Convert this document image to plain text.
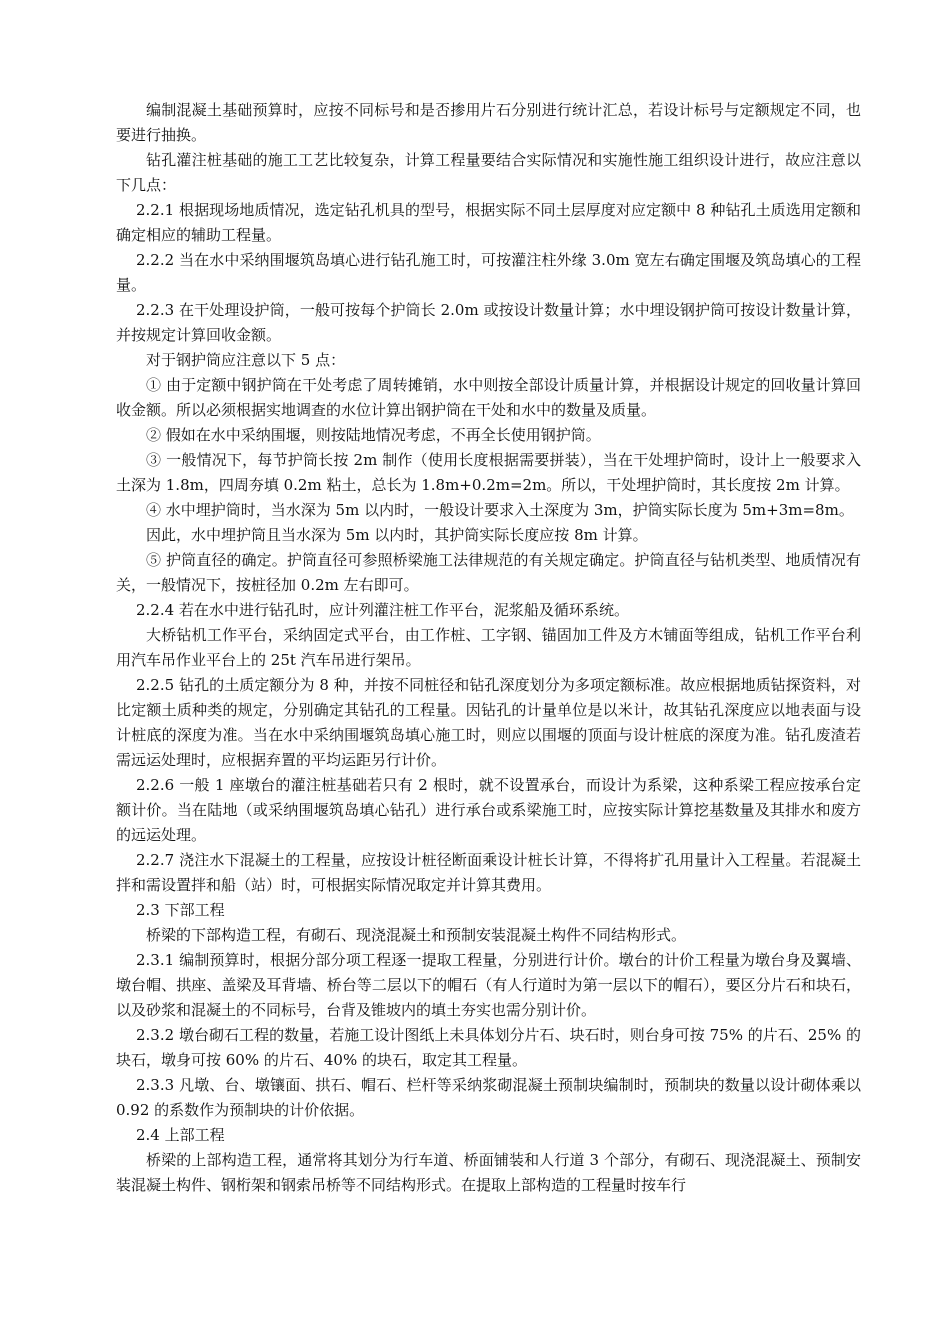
编制混凝土基础预算时，应按不同标号和是否掺用片石分别进行统计汇总，若设计标号与定额规定不同，也要进行抽换。

钻孔灌注桩基础的施工工艺比较复杂，计算工程量要结合实际情况和实施性施工组织设计进行，故应注意以下几点：

2.2.1 根据现场地质情况，选定钻孔机具的型号，根据实际不同土层厚度对应定额中 8 种钻孔土质选用定额和确定相应的辅助工程量。

2.2.2 当在水中采纳围堰筑岛填心进行钻孔施工时，可按灌注柱外缘 3.0m 宽左右确定围堰及筑岛填心的工程量。

2.2.3 在干处理设护筒，一般可按每个护筒长 2.0m 或按设计数量计算；水中埋设钢护筒可按设计数量计算，并按规定计算回收金额。

对于钢护筒应注意以下 5 点：

① 由于定额中钢护筒在干处考虑了周转摊销，水中则按全部设计质量计算，并根据设计规定的回收量计算回收金额。所以必须根据实地调查的水位计算出钢护筒在干处和水中的数量及质量。

② 假如在水中采纳围堰，则按陆地情况考虑，不再全长使用钢护筒。

③ 一般情况下，每节护筒长按 2m 制作（使用长度根据需要拼装），当在干处埋护筒时，设计上一般要求入土深为 1.8m，四周夯填 0.2m 粘土，总长为 1.8m+0.2m=2m。所以，干处埋护筒时，其长度按 2m 计算。

④ 水中埋护筒时，当水深为 5m 以内时，一般设计要求入土深度为 3m，护筒实际长度为 5m+3m=8m。

因此，水中埋护筒且当水深为 5m 以内时，其护筒实际长度应按 8m 计算。

⑤ 护筒直径的确定。护筒直径可参照桥梁施工法律规范的有关规定确定。护筒直径与钻机类型、地质情况有关，一般情况下，按桩径加 0.2m 左右即可。

2.2.4 若在水中进行钻孔时，应计列灌注桩工作平台，泥浆船及循环系统。

大桥钻机工作平台，采纳固定式平台，由工作桩、工字钢、锚固加工件及方木铺面等组成，钻机工作平台利用汽车吊作业平台上的 25t 汽车吊进行架吊。

2.2.5 钻孔的土质定额分为 8 种，并按不同桩径和钻孔深度划分为多项定额标准。故应根据地质钻探资料，对比定额土质种类的规定，分别确定其钻孔的工程量。因钻孔的计量单位是以米计，故其钻孔深度应以地表面与设计桩底的深度为准。当在水中采纳围堰筑岛填心施工时，则应以围堰的顶面与设计桩底的深度为准。钻孔废渣若需远运处理时，应根据弃置的平均运距另行计价。

2.2.6 一般 1 座墩台的灌注桩基础若只有 2 根时，就不设置承台，而设计为系梁，这种系梁工程应按承台定额计价。当在陆地（或采纳围堰筑岛填心钻孔）进行承台或系梁施工时，应按实际计算挖基数量及其排水和废方的远运处理。

2.2.7 浇注水下混凝土的工程量，应按设计桩径断面乘设计桩长计算，不得将扩孔用量计入工程量。若混凝土拌和需设置拌和船（站）时，可根据实际情况取定并计算其费用。

2.3 下部工程

桥梁的下部构造工程，有砌石、现浇混凝土和预制安装混凝土构件不同结构形式。

2.3.1 编制预算时，根据分部分项工程逐一提取工程量，分别进行计价。墩台的计价工程量为墩台身及翼墙、墩台帽、拱座、盖梁及耳背墙、桥台等二层以下的帽石（有人行道时为第一层以下的帽石），要区分片石和块石，以及砂浆和混凝土的不同标号，台背及锥坡内的填土夯实也需分别计价。

2.3.2 墩台砌石工程的数量，若施工设计图纸上未具体划分片石、块石时，则台身可按 75% 的片石、25% 的块石，墩身可按 60% 的片石、40% 的块石，取定其工程量。

2.3.3 凡墩、台、墩镶面、拱石、帽石、栏杆等采纳浆砌混凝土预制块编制时，预制块的数量以设计砌体乘以 0.92 的系数作为预制块的计价依据。

2.4 上部工程

桥梁的上部构造工程，通常将其划分为行车道、桥面铺装和人行道 3 个部分，有砌石、现浇混凝土、预制安装混凝土构件、钢桁架和钢索吊桥等不同结构形式。在提取上部构造的工程量时按车行
